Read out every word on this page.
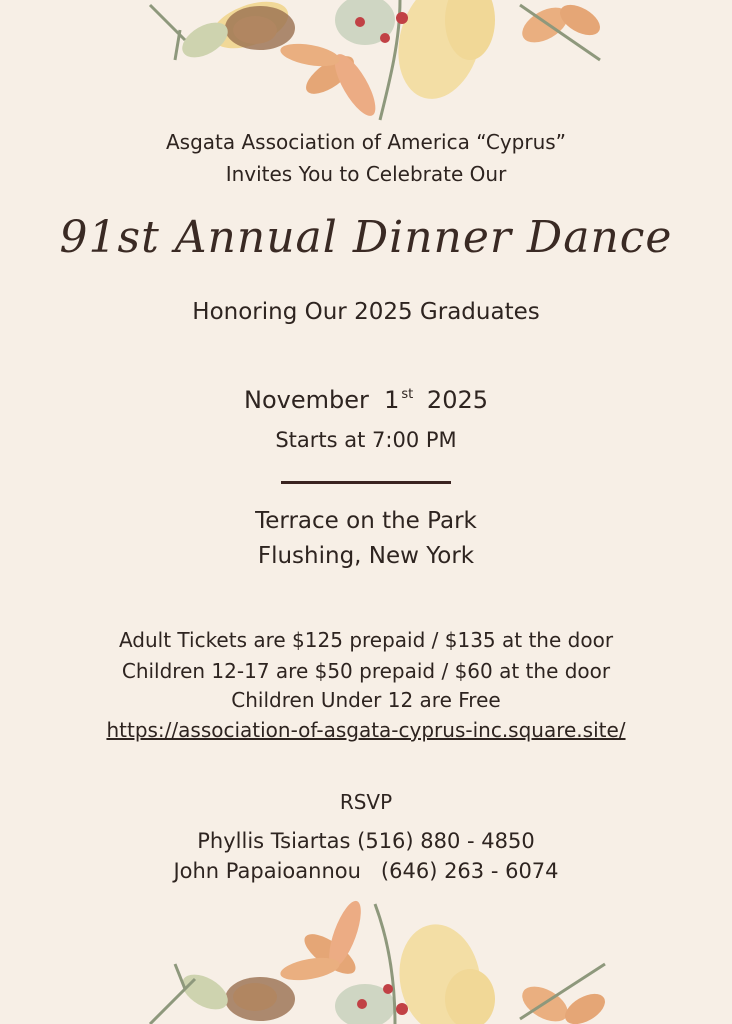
Asgata Association of America “Cyprus”
Invites You to Celebrate Our
91st Annual Dinner Dance
Honoring Our 2025 Graduates
November 1 $^{st}$ 2025
Starts at 7:00 PM
Terrace on the Park
Flushing, New York
Adult Tickets are $125 prepaid / $135 at the door
Children 12-17 are $50 prepaid / $60 at the door
Children Under 12 are Free
https://association-of-asgata-cyprus-inc.square.site/
RSVP
Phyllis Tsiartas (516) 880 - 4850
John Papaioannou   (646) 263 - 6074
